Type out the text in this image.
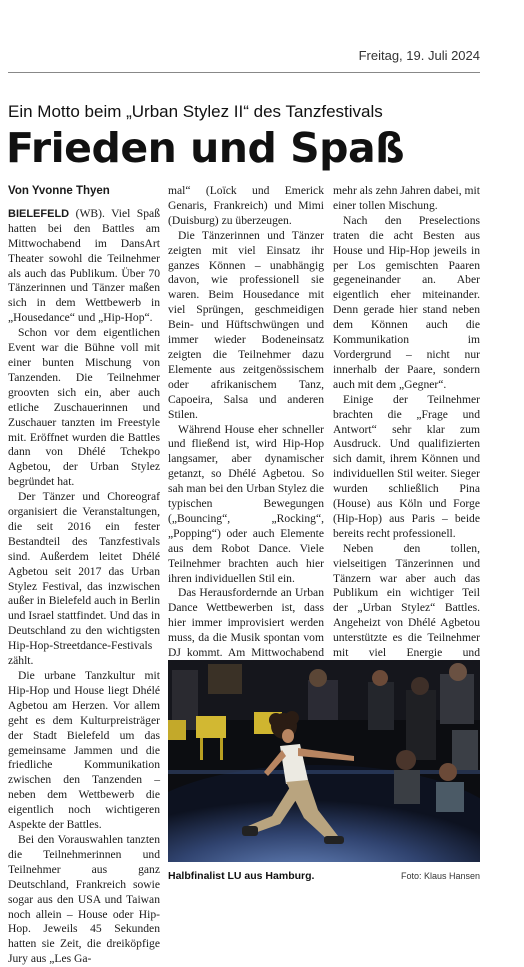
Freitag, 19. Juli 2024
Ein Motto beim „Urban Stylez II“ des Tanzfestivals
Frieden und Spaß
Von Yvonne Thyen

BIELEFELD (WB). Viel Spaß hatten bei den Battles am Mittwochabend im DansArt Theater sowohl die Teilnehmer als auch das Publikum. Über 70 Tänzerinnen und Tänzer maßen sich in dem Wettbewerb in „Housedance“ und „Hip-Hop“.

Schon vor dem eigentlichen Event war die Bühne voll mit einer bunten Mischung von Tanzenden. Die Teilnehmer groovten sich ein, aber auch etliche Zuschauerinnen und Zuschauer tanzten im Freestyle mit. Eröffnet wurden die Battles dann von Dhélé Tchekpo Agbetou, der Urban Stylez begründet hat.

Der Tänzer und Choreograf organisiert die Veranstaltungen, die seit 2016 ein fester Bestandteil des Tanzfestivals sind. Außerdem leitet Dhélé Agbetou seit 2017 das Urban Stylez Festival, das inzwischen außer in Bielefeld auch in Berlin und Israel stattfindet. Und das in Deutschland zu den wichtigsten Hip-Hop-Streetdance-Festivals zählt.

Die urbane Tanzkultur mit Hip-Hop und House liegt Dhélé Agbetou am Herzen. Vor allem geht es dem Kulturpreisträger der Stadt Bielefeld um das gemeinsame Jammen und die friedliche Kommunikation zwischen den Tanzenden – neben dem Wettbewerb die eigentlich noch wichtigeren Aspekte der Battles.

Bei den Vorauswahlen tanzten die Teilnehmerinnen und Teilnehmer aus ganz Deutschland, Frankreich sowie sogar aus den USA und Taiwan noch allein – House oder Hip-Hop. Jeweils 45 Sekunden hatten sie Zeit, die dreiköpfige Jury aus „Les Ga-

mal“ (Loïck und Emerick Genaris, Frankreich) und Mimi (Duisburg) zu überzeugen.

Die Tänzerinnen und Tänzer zeigten mit viel Einsatz ihr ganzes Können – unabhängig davon, wie professionell sie waren. Beim Housedance mit viel Sprüngen, geschmeidigen Bein- und Hüftschwüngen und immer wieder Bodeneinsatz zeigten die Teilnehmer dazu Elemente aus zeitgenössischem oder afrikanischem Tanz, Capoeira, Salsa und anderen Stilen.

Während House eher schneller und fließend ist, wird Hip-Hop langsamer, aber dynamischer getanzt, so Dhélé Agbetou. So sah man bei den Urban Stylez die typischen Bewegungen („Bouncing“, „Rocking“, „Popping“) oder auch Elemente aus dem Robot Dance. Viele Teilnehmer brachten auch hier ihren individuellen Stil ein.

Das Herausfordernde an Urban Dance Wettbewerben ist, dass hier immer improvisiert werden muss, da die Musik spontan vom DJ kommt. Am Mittwochabend

mehr als zehn Jahren dabei, mit einer tollen Mischung.

Nach den Preselections traten die acht Besten aus House und Hip-Hop jeweils in per Los gemischten Paaren gegeneinander an. Aber eigentlich eher miteinander. Denn gerade hier stand neben dem Können auch die Kommunikation im Vordergrund – nicht nur innerhalb der Paare, sondern auch mit dem „Gegner“.

Einige der Teilnehmer brachten die „Frage und Antwort“ sehr klar zum Ausdruck. Und qualifizierten sich damit, ihrem Können und individuellen Stil weiter. Sieger wurden schließlich Pina (House) aus Köln und Forge (Hip-Hop) aus Paris – beide bereits recht professionell.

Neben den tollen, vielseitigen Tänzerinnen und Tänzern war aber auch das Publikum ein wichtiger Teil der „Urban Stylez“ Battles. Angeheizt von Dhélé Agbetou unterstützte es die Teilnehmer mit viel Energie und

Halbfinalist LU aus Hamburg.	Foto: Klaus Hansen
